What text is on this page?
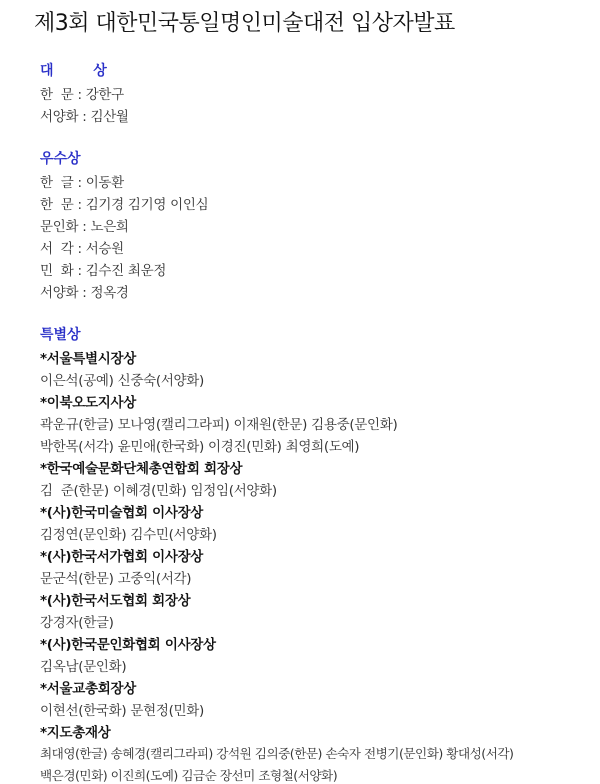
제3회 대한민국통일명인미술대전 입상자발표
대  상
한  문 : 강한구
서양화 : 김산월
우수상
한  글 : 이동환
한  문 : 김기경 김기영 이인심
문인화 : 노은희
서  각 : 서승원
민  화 : 김수진 최운정
서양화 : 정옥경
특별상
*서울특별시장상
이은석(공예) 신중숙(서양화)
*이북오도지사상
곽운규(한글) 모나영(캘리그라피) 이재원(한문) 김용중(문인화)
박한목(서각) 윤민애(한국화) 이경진(민화) 최영희(도예)
*한국예술문화단체총연합회 회장상
김  준(한문) 이혜경(민화) 임정임(서양화)
*(사)한국미술협회 이사장상
김정연(문인화) 김수민(서양화)
*(사)한국서가협회 이사장상
문군석(한문) 고중익(서각)
*(사)한국서도협회 회장상
강경자(한글)
*(사)한국문인화협회 이사장상
김옥남(문인화)
*서울교총회장상
이현선(한국화) 문현정(민화)
*지도총재상
최대영(한글) 송혜경(캘리그라피) 강석원 김의중(한문) 손숙자 전병기(문인화) 황대성(서각)
백은경(민화) 이진희(도예) 김금순 장선미 조형철(서양화)
